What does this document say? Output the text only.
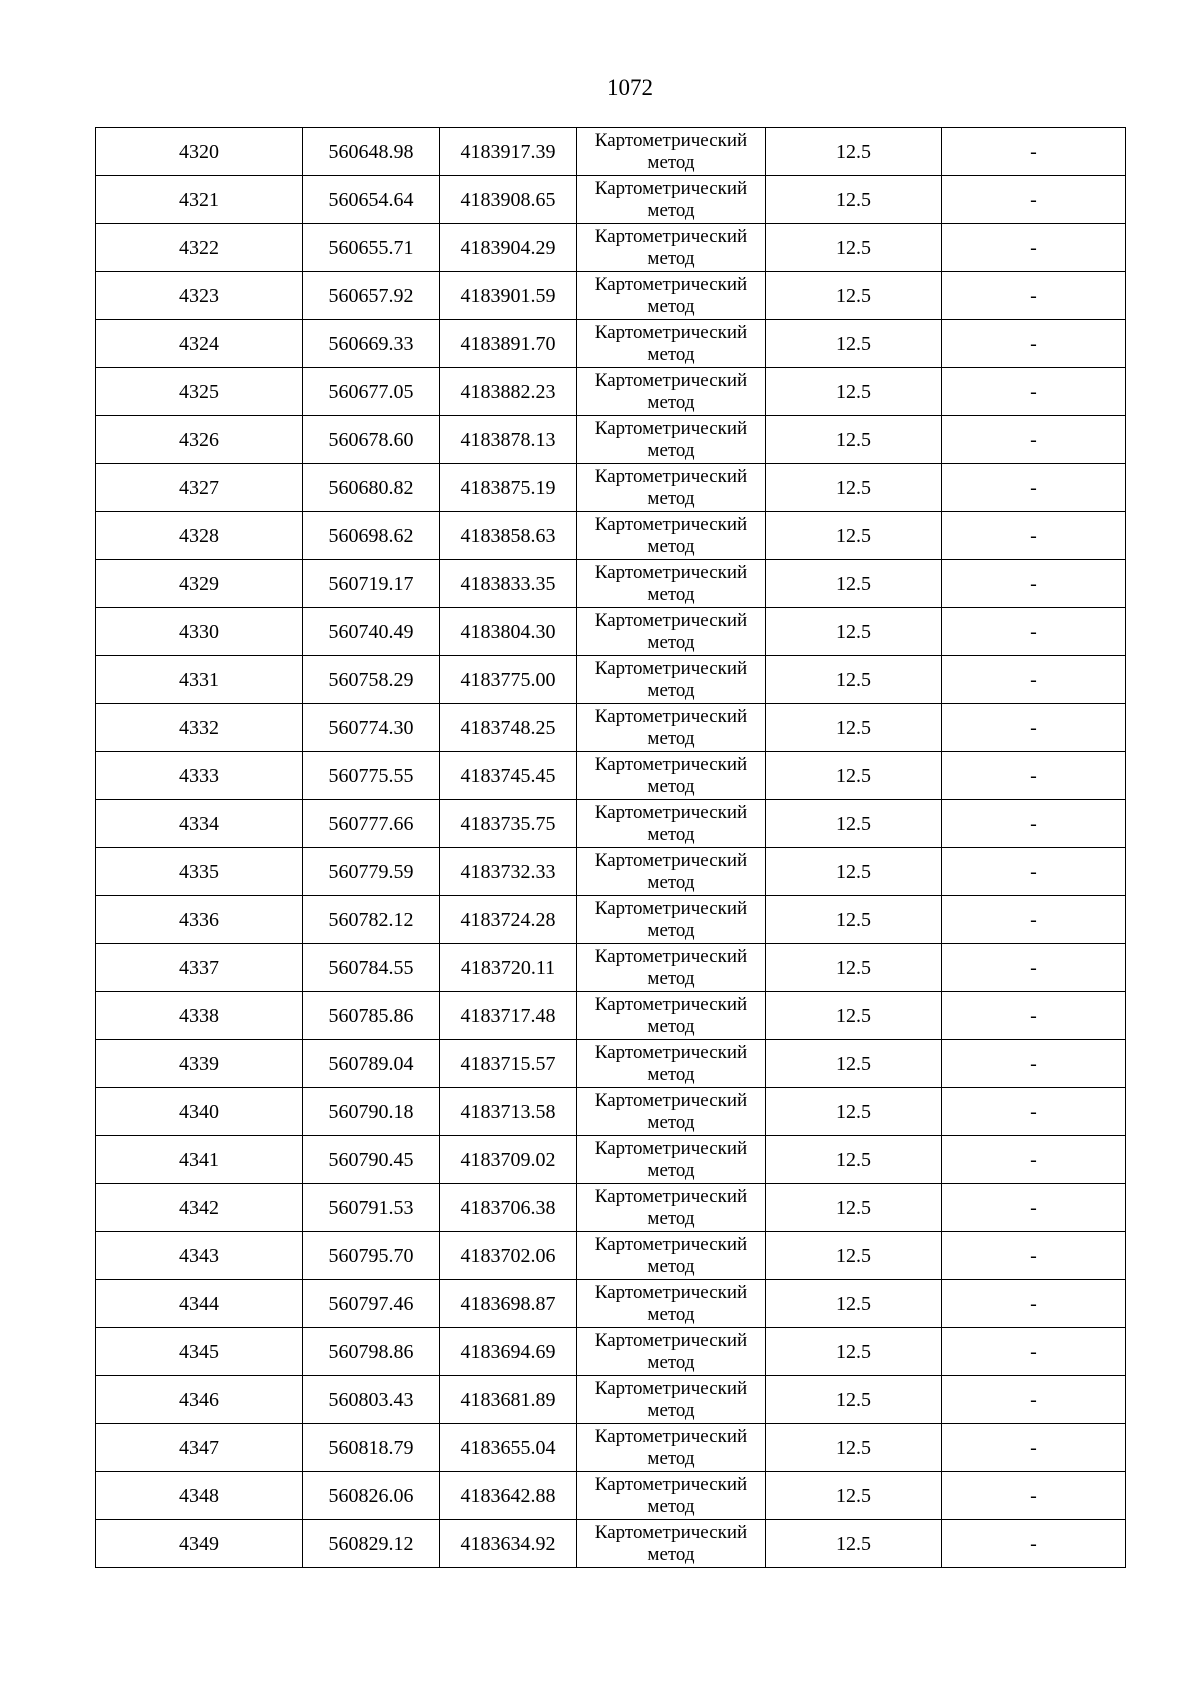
1072
4320	560648.98	4183917.39	Картометрический
метод	12.5	-
4321	560654.64	4183908.65	Картометрический
метод	12.5	-
4322	560655.71	4183904.29	Картометрический
метод	12.5	-
4323	560657.92	4183901.59	Картометрический
метод	12.5	-
4324	560669.33	4183891.70	Картометрический
метод	12.5	-
4325	560677.05	4183882.23	Картометрический
метод	12.5	-
4326	560678.60	4183878.13	Картометрический
метод	12.5	-
4327	560680.82	4183875.19	Картометрический
метод	12.5	-
4328	560698.62	4183858.63	Картометрический
метод	12.5	-
4329	560719.17	4183833.35	Картометрический
метод	12.5	-
4330	560740.49	4183804.30	Картометрический
метод	12.5	-
4331	560758.29	4183775.00	Картометрический
метод	12.5	-
4332	560774.30	4183748.25	Картометрический
метод	12.5	-
4333	560775.55	4183745.45	Картометрический
метод	12.5	-
4334	560777.66	4183735.75	Картометрический
метод	12.5	-
4335	560779.59	4183732.33	Картометрический
метод	12.5	-
4336	560782.12	4183724.28	Картометрический
метод	12.5	-
4337	560784.55	4183720.11	Картометрический
метод	12.5	-
4338	560785.86	4183717.48	Картометрический
метод	12.5	-
4339	560789.04	4183715.57	Картометрический
метод	12.5	-
4340	560790.18	4183713.58	Картометрический
метод	12.5	-
4341	560790.45	4183709.02	Картометрический
метод	12.5	-
4342	560791.53	4183706.38	Картометрический
метод	12.5	-
4343	560795.70	4183702.06	Картометрический
метод	12.5	-
4344	560797.46	4183698.87	Картометрический
метод	12.5	-
4345	560798.86	4183694.69	Картометрический
метод	12.5	-
4346	560803.43	4183681.89	Картометрический
метод	12.5	-
4347	560818.79	4183655.04	Картометрический
метод	12.5	-
4348	560826.06	4183642.88	Картометрический
метод	12.5	-
4349	560829.12	4183634.92	Картометрический
метод	12.5	-
